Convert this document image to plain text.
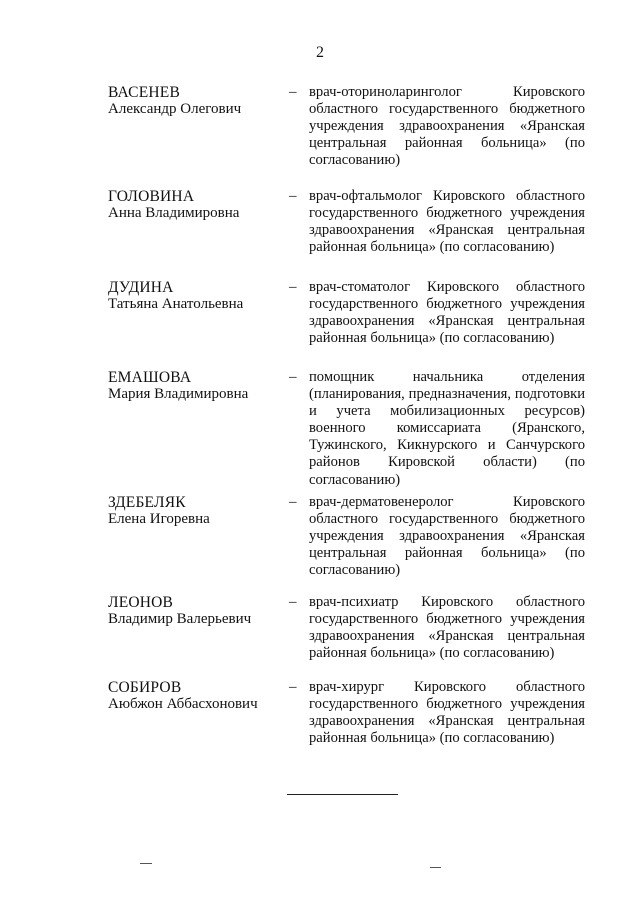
2
ВАСЕНЕВ
Александр Олегович
– врач-оториноларинголог Кировского областного государственного бюджетного учреждения здравоохранения «Яранская центральная районная больница» (по согласованию)
ГОЛОВИНА
Анна Владимировна
– врач-офтальмолог Кировского областного государственного бюджетного учреждения здравоохранения «Яранская центральная районная больница» (по согласованию)
ДУДИНА
Татьяна Анатольевна
– врач-стоматолог Кировского областного государственного бюджетного учреждения здравоохранения «Яранская центральная районная больница» (по согласованию)
ЕМАШОВА
Мария Владимировна
– помощник начальника отделения (планирования, предназначения, подготовки и учета мобилизационных ресурсов) военного комиссариата (Яранского, Тужинского, Кикнурского и Санчурского районов Кировской области) (по согласованию)
ЗДЕБЕЛЯК
Елена Игоревна
– врач-дерматовенеролог Кировского областного государственного бюджетного учреждения здравоохранения «Яранская центральная районная больница» (по согласованию)
ЛЕОНОВ
Владимир Валерьевич
– врач-психиатр Кировского областного государственного бюджетного учреждения здравоохранения «Яранская центральная районная больница» (по согласованию)
СОБИРОВ
Аюбжон Аббасхонович
– врач-хирург Кировского областного государственного бюджетного учреждения здравоохранения «Яранская центральная районная больница» (по согласованию)
